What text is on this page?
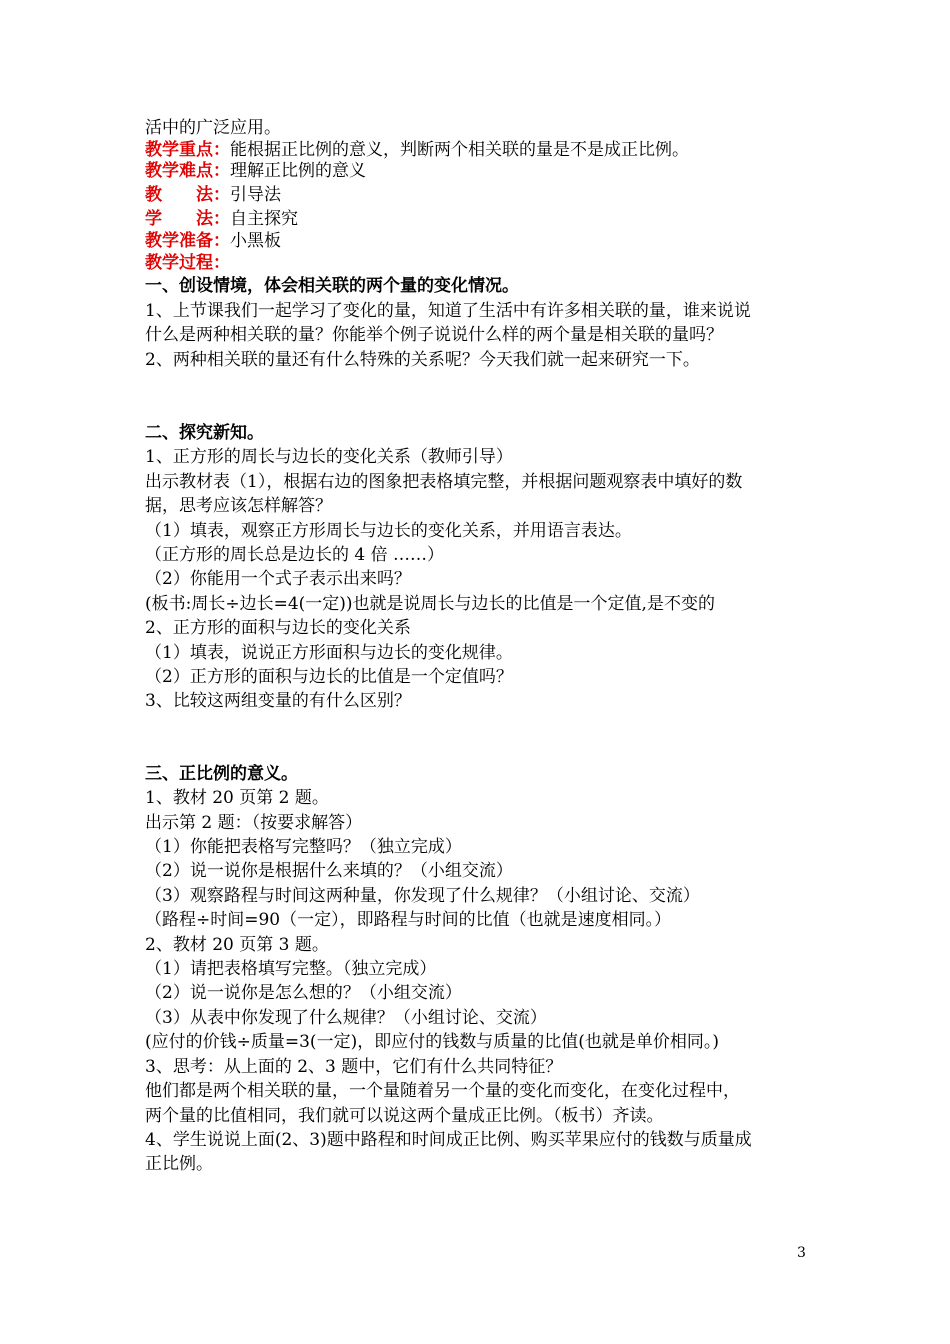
活中的广泛应用。

教学重点：能根据正比例的意义，判断两个相关联的量是不是成正比例。

教学难点：理解正比例的意义

教　　法：引导法

学　　法：自主探究

教学准备：小黑板

教学过程：

一、创设情境，体会相关联的两个量的变化情况。

1、上节课我们一起学习了变化的量，知道了生活中有许多相关联的量，谁来说说

什么是两种相关联的量？你能举个例子说说什么样的两个量是相关联的量吗？

2、两种相关联的量还有什么特殊的关系呢？今天我们就一起来研究一下。

二、探究新知。

1、正方形的周长与边长的变化关系（教师引导）

出示教材表（1），根据右边的图象把表格填完整，并根据问题观察表中填好的数

据，思考应该怎样解答？

（1）填表，观察正方形周长与边长的变化关系，并用语言表达。

（正方形的周长总是边长的 4 倍 ……）

（2）你能用一个式子表示出来吗？

(板书:周长÷边长=4(一定))也就是说周长与边长的比值是一个定值,是不变的

2、正方形的面积与边长的变化关系

（1）填表，说说正方形面积与边长的变化规律。

（2）正方形的面积与边长的比值是一个定值吗？

3、比较这两组变量的有什么区别？

三、正比例的意义。

1、教材 20 页第 2 题。

出示第 2 题：（按要求解答）

（1）你能把表格写完整吗？（独立完成）

（2）说一说你是根据什么来填的？（小组交流）

（3）观察路程与时间这两种量，你发现了什么规律？（小组讨论、交流）

（路程÷时间=90（一定），即路程与时间的比值（也就是速度相同。）

2、教材 20 页第 3 题。

（1）请把表格填写完整。（独立完成）

（2）说一说你是怎么想的？（小组交流）

（3）从表中你发现了什么规律？（小组讨论、交流）

(应付的价钱÷质量=3(一定)，即应付的钱数与质量的比值(也就是单价相同。)

3、思考：从上面的 2、3 题中，它们有什么共同特征？

他们都是两个相关联的量，一个量随着另一个量的变化而变化，在变化过程中，

两个量的比值相同，我们就可以说这两个量成正比例。（板书）齐读。

4、学生说说上面(2、3)题中路程和时间成正比例、购买苹果应付的钱数与质量成

正比例。

3
